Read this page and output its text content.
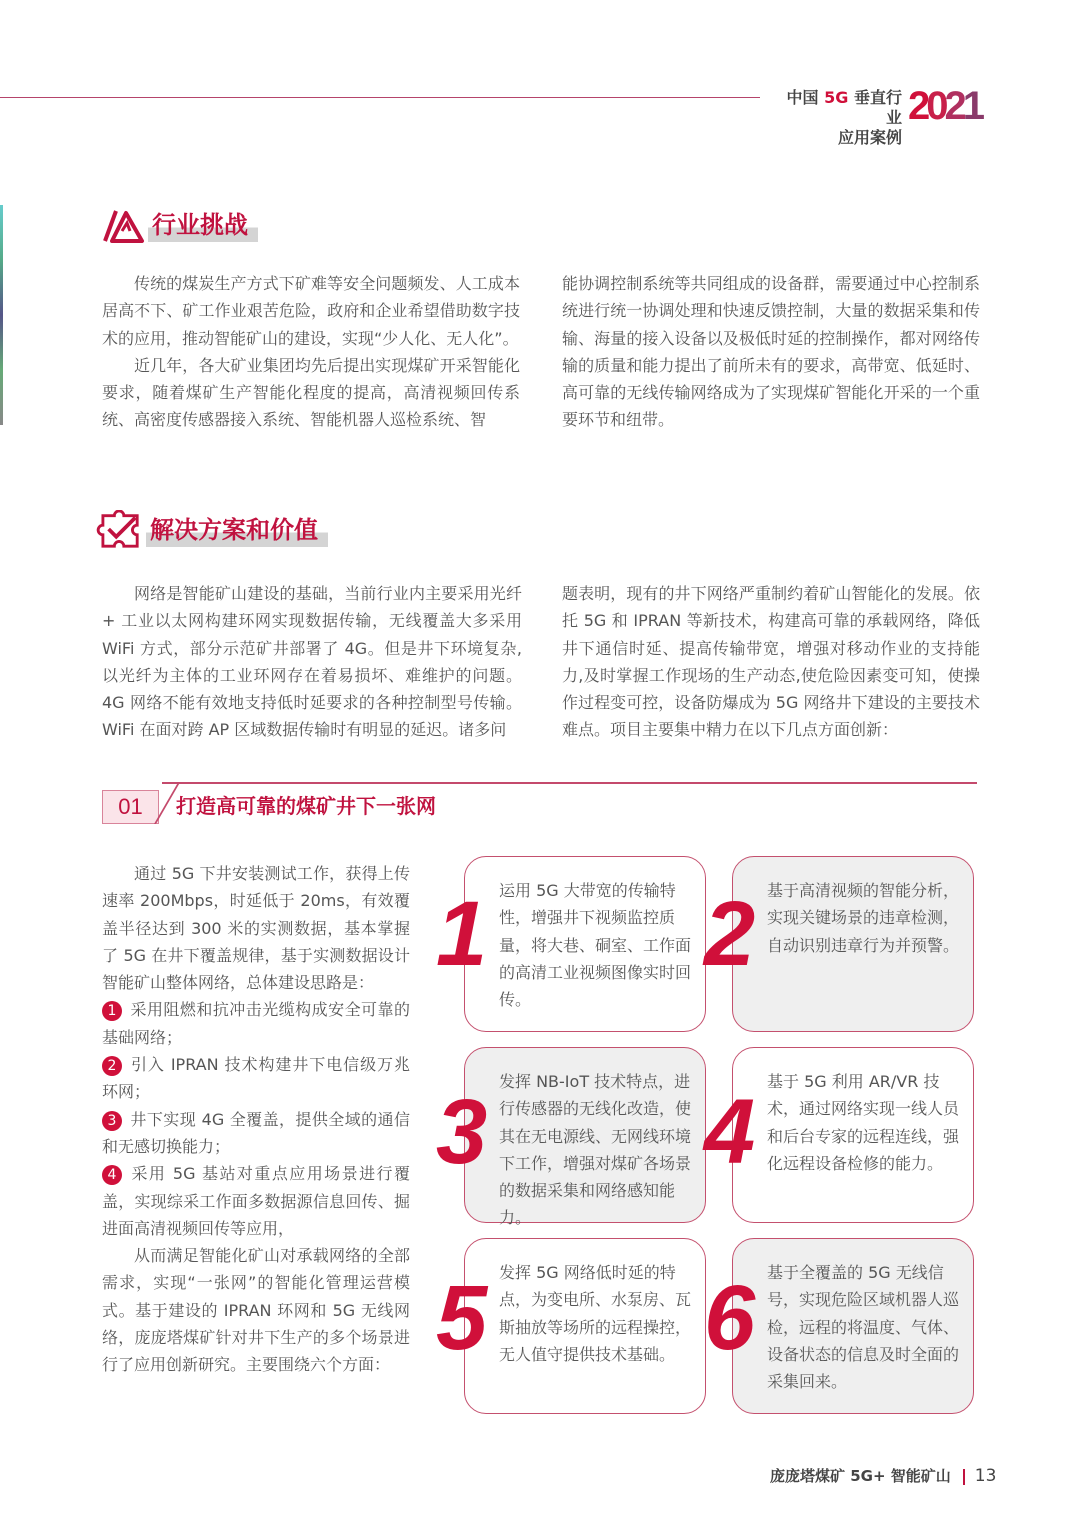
中国 5G 垂直行业
应用案例
2021
行业挑战

传统的煤炭生产方式下矿难等安全问题频发、人工成本居高不下、矿工作业艰苦危险，政府和企业希望借助数字技术的应用，推动智能矿山的建设，实现“少人化、无人化”。

近几年，各大矿业集团均先后提出实现煤矿开采智能化要求，随着煤矿生产智能化程度的提高，高清视频回传系统、高密度传感器接入系统、智能机器人巡检系统、智

能协调控制系统等共同组成的设备群，需要通过中心控制系统进行统一协调处理和快速反馈控制，大量的数据采集和传输、海量的接入设备以及极低时延的控制操作，都对网络传输的质量和能力提出了前所未有的要求，高带宽、低延时、高可靠的无线传输网络成为了实现煤矿智能化开采的一个重要环节和纽带。

解决方案和价值

网络是智能矿山建设的基础，当前行业内主要采用光纤 + 工业以太网构建环网实现数据传输，无线覆盖大多采用 WiFi 方式，部分示范矿井部署了 4G。但是井下环境复杂,以光纤为主体的工业环网存在着易损坏、难维护的问题。4G 网络不能有效地支持低时延要求的各种控制型号传输。WiFi 在面对跨 AP 区域数据传输时有明显的延迟。诸多问

题表明，现有的井下网络严重制约着矿山智能化的发展。依托 5G 和 IPRAN 等新技术，构建高可靠的承载网络，降低井下通信时延、提高传输带宽，增强对移动作业的支持能力,及时掌握工作现场的生产动态,使危险因素变可知，使操作过程变可控，设备防爆成为 5G 网络井下建设的主要技术难点。项目主要集中精力在以下几点方面创新：

01	打造高可靠的煤矿井下一张网

通过 5G 下井安装测试工作，获得上传速率 200Mbps，时延低于 20ms，有效覆盖半径达到 300 米的实测数据，基本掌握了 5G 在井下覆盖规律，基于实测数据设计智能矿山整体网络，总体建设思路是：

1 采用阻燃和抗冲击光缆构成安全可靠的基础网络；

2 引入 IPRAN 技术构建井下电信级万兆环网；

3 井下实现 4G 全覆盖，提供全域的通信和无感切换能力；

4 采用 5G 基站对重点应用场景进行覆盖，实现综采工作面多数据源信息回传、掘进面高清视频回传等应用，

从而满足智能化矿山对承载网络的全部需求，实现“一张网”的智能化管理运营模式。基于建设的 IPRAN 环网和 5G 无线网络，庞庞塔煤矿针对井下生产的多个场景进行了应用创新研究。主要围绕六个方面：

运用 5G 大带宽的传输特性，增强井下视频监控质量，将大巷、硐室、工作面的高清工业视频图像实时回传。
1	基于高清视频的智能分析，实现关键场景的违章检测，自动识别违章行为并预警。
2
发挥 NB-IoT 技术特点，进行传感器的无线化改造，使其在无电源线、无网线环境下工作，增强对煤矿各场景的数据采集和网络感知能力。
3	基于 5G 利用 AR/VR 技术，通过网络实现一线人员和后台专家的远程连线，强化远程设备检修的能力。
4
发挥 5G 网络低时延的特点，为变电所、水泵房、瓦斯抽放等场所的远程操控，无人值守提供技术基础。
5	基于全覆盖的 5G 无线信号，实现危险区域机器人巡检，远程的将温度、气体、设备状态的信息及时全面的采集回来。
6
庞庞塔煤矿 5G+ 智能矿山 13
